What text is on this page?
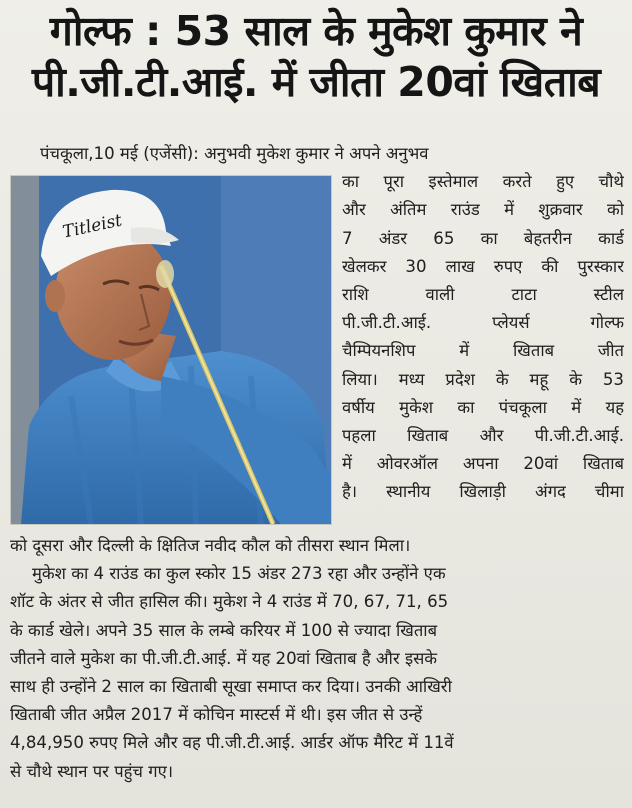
गोल्फ : 53 साल के मुकेश कुमार ने
पी.जी.टी.आई. में जीता 20वां खिताब
Titleist
पंचकूला,10 मई (एजेंसी): अनुभवी मुकेश कुमार ने अपने अनुभव
का पूरा इस्तेमाल करते हुए चौथे
और अंतिम राउंड में शुक्रवार को
7 अंडर 65 का बेहतरीन कार्ड
खेलकर 30 लाख रुपए की पुरस्कार
राशि वाली टाटा स्टील
पी.जी.टी.आई. प्लेयर्स गोल्फ
चैम्पियनशिप में खिताब जीत
लिया। मध्य प्रदेश के महू के 53
वर्षीय मुकेश का पंचकूला में यह
पहला खिताब और पी.जी.टी.आई.
में ओवरऑल अपना 20वां खिताब
है। स्थानीय खिलाड़ी अंगद चीमा
को दूसरा और दिल्ली के क्षितिज नवीद कौल को तीसरा स्थान मिला।
मुकेश का 4 राउंड का कुल स्कोर 15 अंडर 273 रहा और उन्होंने एक
शॉट के अंतर से जीत हासिल की। मुकेश ने 4 राउंड में 70, 67, 71, 65
के कार्ड खेले। अपने 35 साल के लम्बे करियर में 100 से ज्यादा खिताब
जीतने वाले मुकेश का पी.जी.टी.आई. में यह 20वां खिताब है और इसके
साथ ही उन्होंने 2 साल का खिताबी सूखा समाप्त कर दिया। उनकी आखिरी
खिताबी जीत अप्रैल 2017 में कोचिन मास्टर्स में थी। इस जीत से उन्हें
4,84,950 रुपए मिले और वह पी.जी.टी.आई. आर्डर ऑफ मैरिट में 11वें
से चौथे स्थान पर पहुंच गए।
